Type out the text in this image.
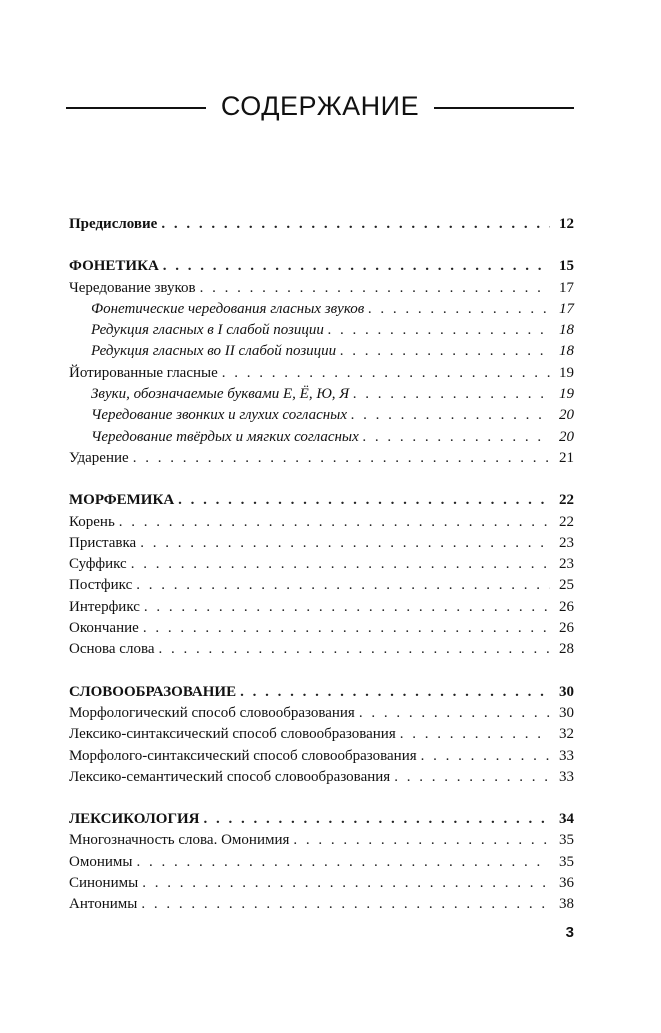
СОДЕРЖАНИЕ
Предисловие . . .	12
ФОНЕТИКА . . .	15
Чередование звуков . . .	17
Фонетические чередования гласных звуков . . .	17
Редукция гласных в I слабой позиции . . .	18
Редукция гласных во II слабой позиции . . .	18
Йотированные гласные . . .	19
Звуки, обозначаемые буквами Е, Ё, Ю, Я . . .	19
Чередование звонких и глухих согласных . . .	20
Чередование твёрдых и мягких согласных . . .	20
Ударение . . .	21
МОРФЕМИКА . . .	22
Корень . . .	22
Приставка . . .	23
Суффикс . . .	23
Постфикс . . .	25
Интерфикс . . .	26
Окончание . . .	26
Основа слова . . .	28
СЛОВООБРАЗОВАНИЕ . . .	30
Морфологический способ словообразования . . .	30
Лексико-синтаксический способ словообразования . . .	32
Морфолого-синтаксический способ словообразования . . .	33
Лексико-семантический способ словообразования . . .	33
ЛЕКСИКОЛОГИЯ . . .	34
Многозначность слова. Омонимия . . .	35
Омонимы . . .	35
Синонимы . . .	36
Антонимы . . .	38
3
